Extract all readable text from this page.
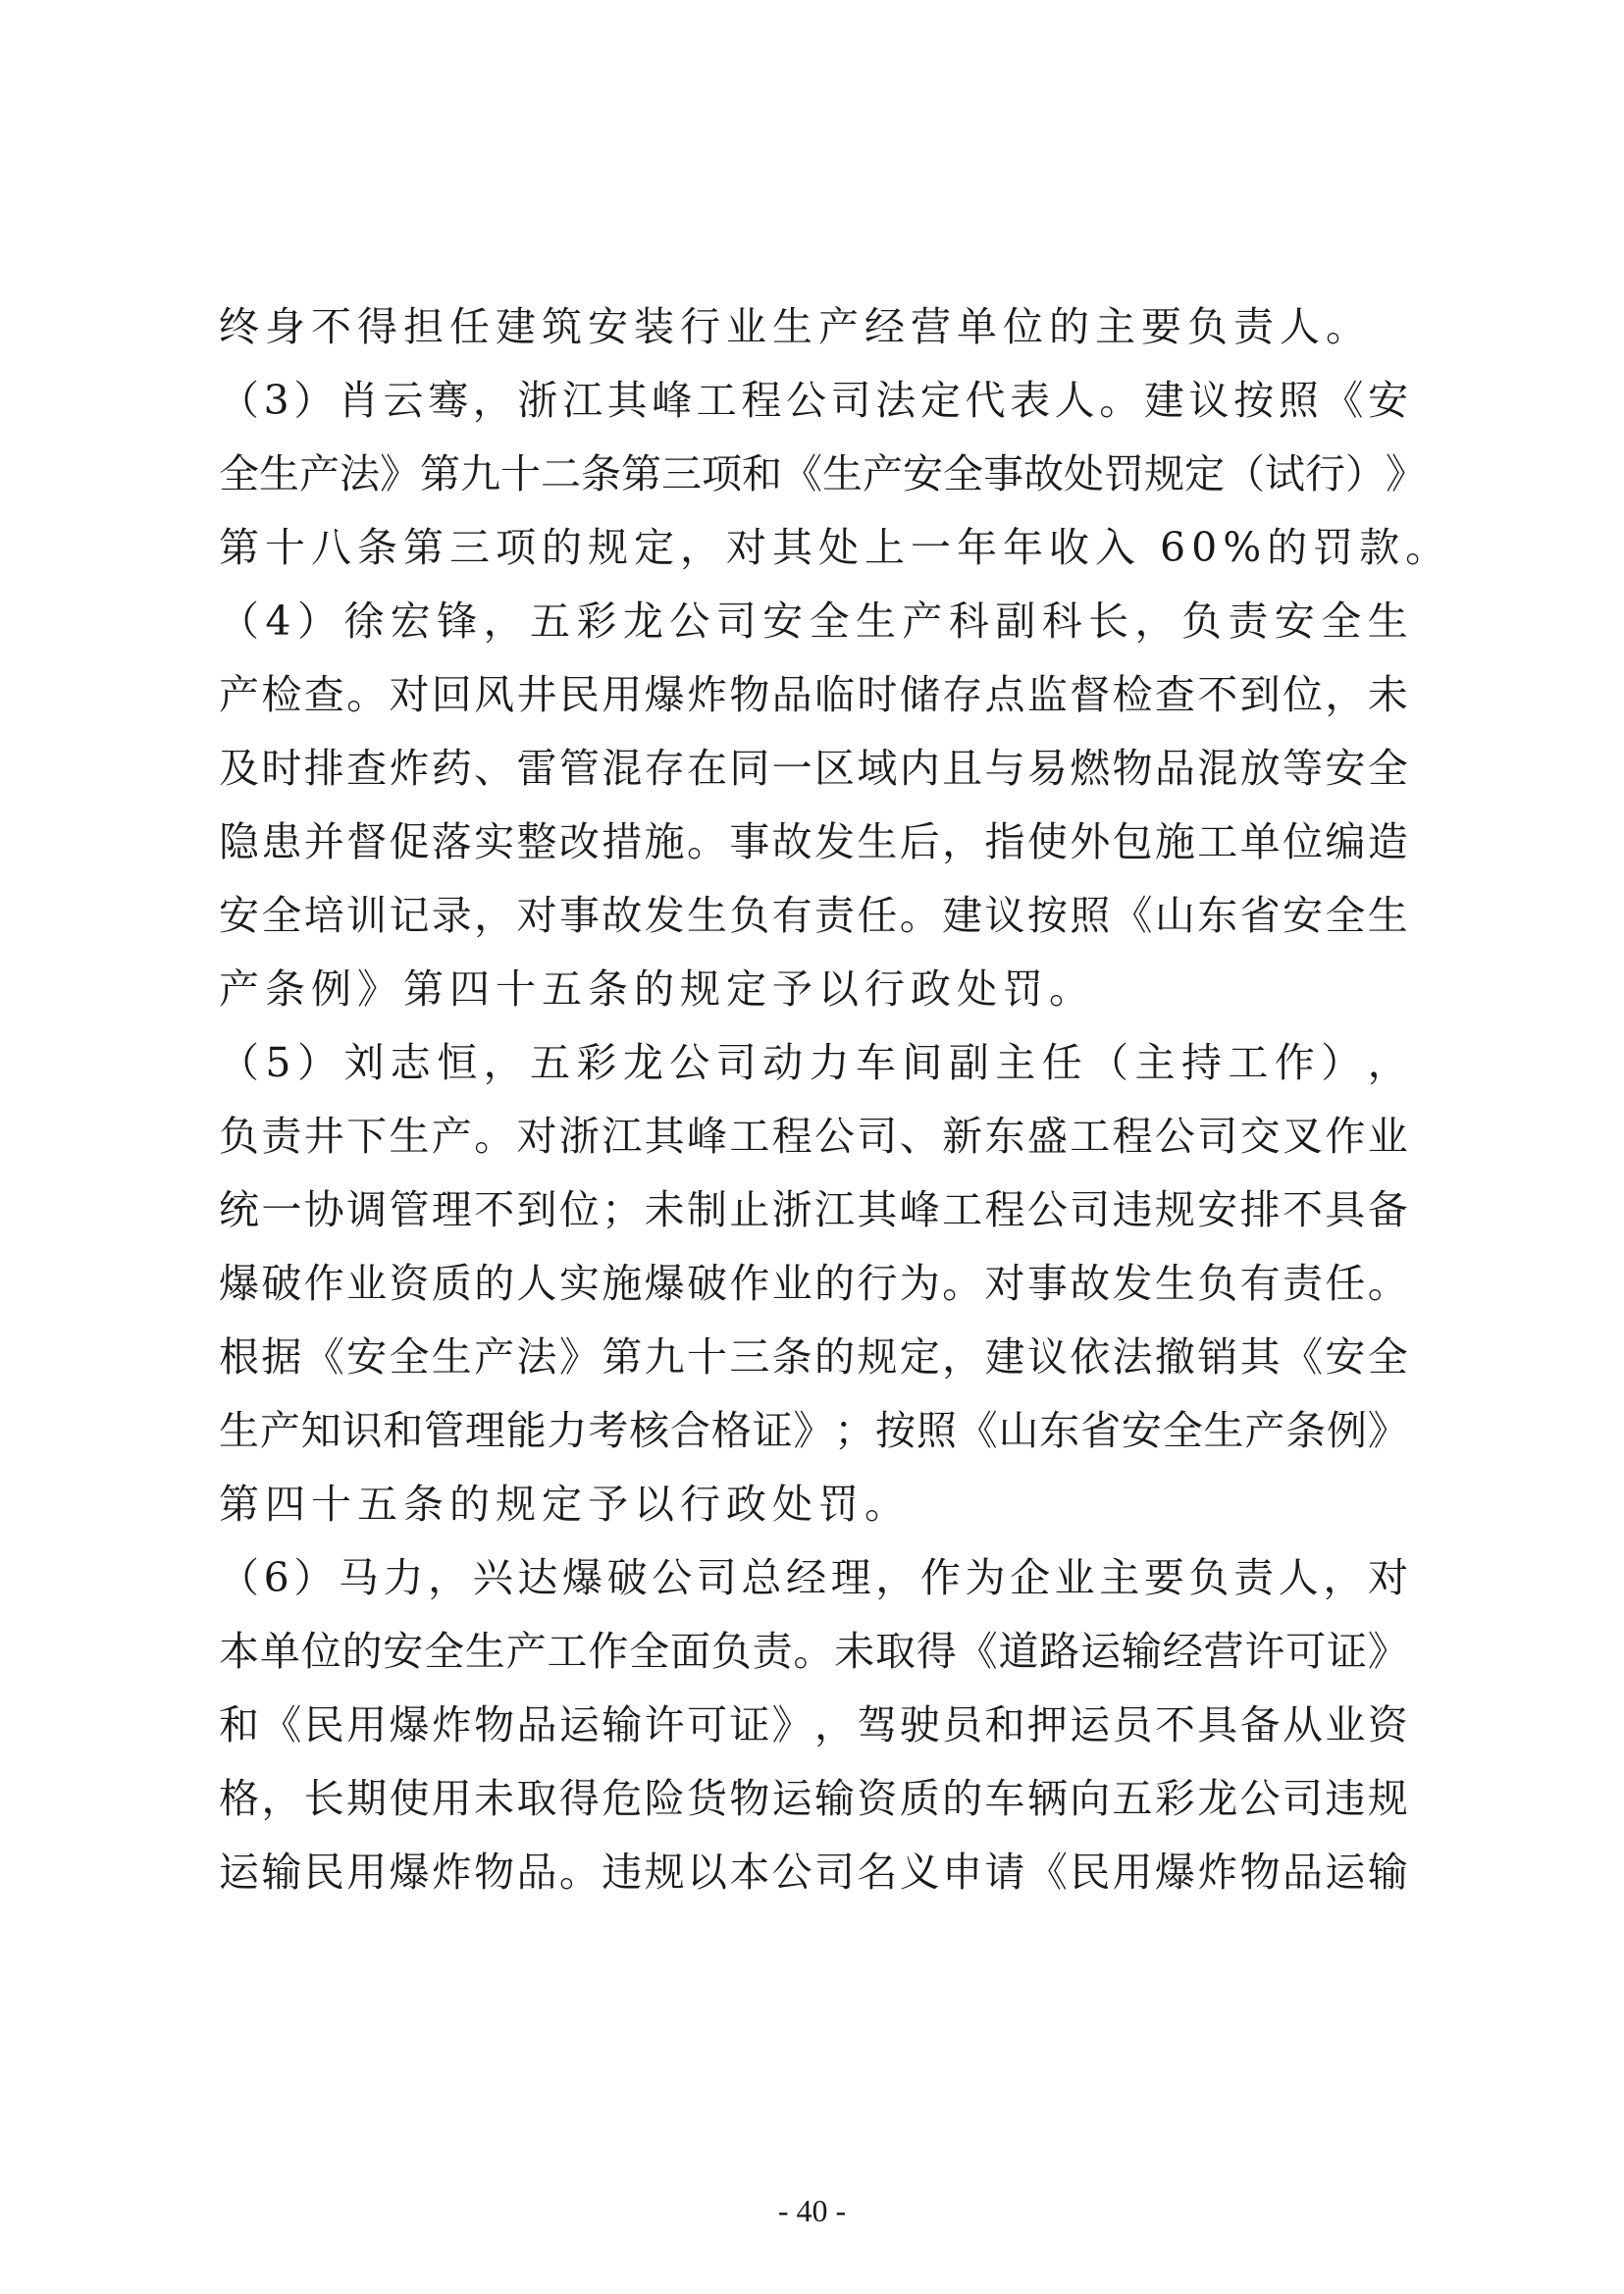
终身不得担任建筑安装行业生产经营单位的主要负责人。
（ 3 ） 肖 云 骞 ， 浙 江 其 峰 工 程 公 司 法 定 代 表 人 。 建 议 按 照 《 安
全 生 产 法 》 第 九 十 二 条 第 三 项 和 《 生 产 安 全 事 故 处 罚 规 定 （ 试 行 ） 》
第十八条第三项的规定，对其处上一年年收入 60%的罚款。
（ 4 ） 徐 宏 锋 ， 五 彩 龙 公 司 安 全 生 产 科 副 科 长 ， 负 责 安 全 生
产 检 查 。 对 回 风 井 民 用 爆 炸 物 品 临 时 储 存 点 监 督 检 查 不 到 位 ， 未
及 时 排 查 炸 药 、 雷 管 混 存 在 同 一 区 域 内 且 与 易 燃 物 品 混 放 等 安 全
隐 患 并 督 促 落 实 整 改 措 施 。 事 故 发 生 后 ， 指 使 外 包 施 工 单 位 编 造
安 全 培 训 记 录 ， 对 事 故 发 生 负 有 责 任 。 建 议 按 照 《 山 东 省 安 全 生
产条例》第四十五条的规定予以行政处罚。
（ 5 ） 刘 志 恒 ， 五 彩 龙 公 司 动 力 车 间 副 主 任 （ 主 持 工 作 ） ，
负 责 井 下 生 产 。 对 浙 江 其 峰 工 程 公 司 、 新 东 盛 工 程 公 司 交 叉 作 业
统 一 协 调 管 理 不 到 位 ； 未 制 止 浙 江 其 峰 工 程 公 司 违 规 安 排 不 具 备
爆 破 作 业 资 质 的 人 实 施 爆 破 作 业 的 行 为 。 对 事 故 发 生 负 有 责 任 。
根 据 《 安 全 生 产 法 》 第 九 十 三 条 的 规 定 ， 建 议 依 法 撤 销 其 《 安 全
生 产 知 识 和 管 理 能 力 考 核 合 格 证 》 ； 按 照 《 山 东 省 安 全 生 产 条 例 》
第四十五条的规定予以行政处罚。
（ 6 ） 马 力 ， 兴 达 爆 破 公 司 总 经 理 ， 作 为 企 业 主 要 负 责 人 ， 对
本 单 位 的 安 全 生 产 工 作 全 面 负 责 。 未 取 得 《 道 路 运 输 经 营 许 可 证 》
和 《 民 用 爆 炸 物 品 运 输 许 可 证 》 ， 驾 驶 员 和 押 运 员 不 具 备 从 业 资
格 ， 长 期 使 用 未 取 得 危 险 货 物 运 输 资 质 的 车 辆 向 五 彩 龙 公 司 违 规
运 输 民 用 爆 炸 物 品 。 违 规 以 本 公 司 名 义 申 请 《 民 用 爆 炸 物 品 运 输
- 40 -
